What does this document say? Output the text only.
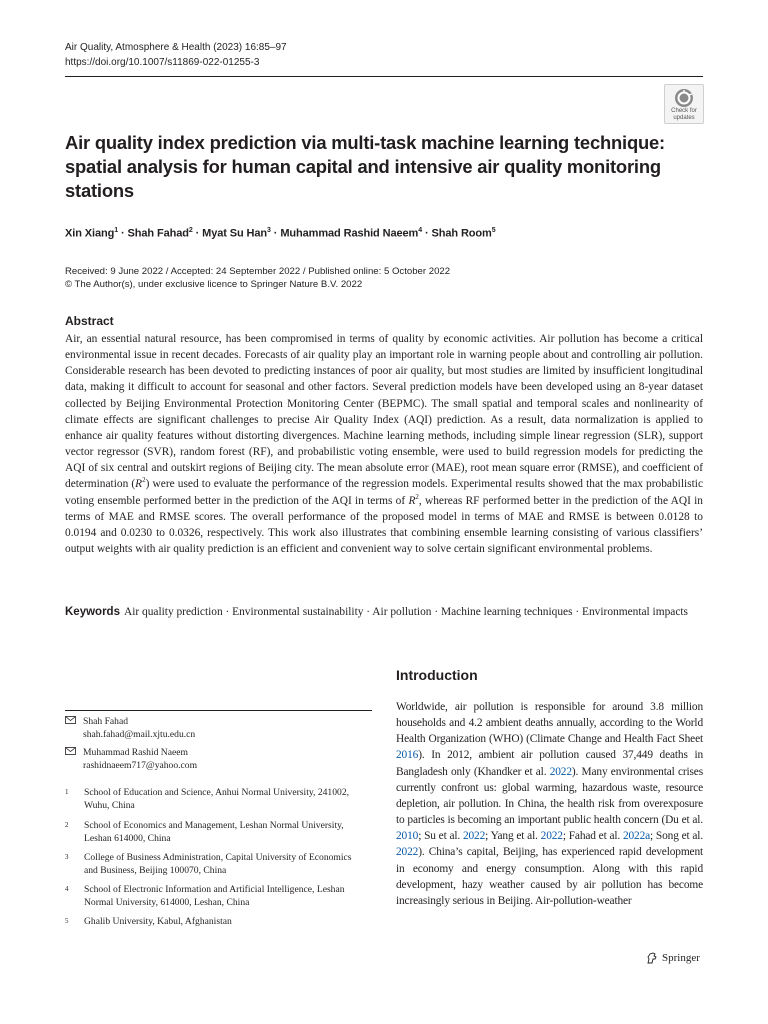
Air Quality, Atmosphere & Health (2023) 16:85–97
https://doi.org/10.1007/s11869-022-01255-3
Check for
updates
Air quality index prediction via multi-task machine learning technique: spatial analysis for human capital and intensive air quality monitoring stations
Xin Xiang$^1$ · Shah Fahad$^2$ · Myat Su Han$^3$ · Muhammad Rashid Naeem$^4$ · Shah Room$^5$
Received: 9 June 2022 / Accepted: 24 September 2022 / Published online: 5 October 2022
© The Author(s), under exclusive licence to Springer Nature B.V. 2022
Abstract

Air, an essential natural resource, has been compromised in terms of quality by economic activities. Air pollution has become a critical environmental issue in recent decades. Forecasts of air quality play an important role in warning people about and controlling air pollution. Considerable research has been devoted to predicting instances of poor air quality, but most studies are limited by insufficient longitudinal data, making it difficult to account for seasonal and other factors. Several prediction models have been developed using an 8-year dataset collected by Beijing Environmental Protection Monitoring Center (BEPMC). The small spatial and temporal scales and nonlinearity of climate effects are significant challenges to precise Air Quality Index (AQI) prediction. As a result, data normalization is applied to enhance air quality features without distorting divergences. Machine learning methods, including simple linear regression (SLR), support vector regressor (SVR), random forest (RF), and probabilistic voting ensemble, were used to build regression models for predicting the AQI of six central and outskirt regions of Beijing city. The mean absolute error (MAE), root mean square error (RMSE), and coefficient of determination $(R^2)$ were used to evaluate the performance of the regression models. Experimental results showed that the max probabilistic voting ensemble performed better in the prediction of the AQI in terms of $R^2$, whereas RF performed better in the prediction of the AQI in terms of MAE and RMSE scores. The overall performance of the proposed model in terms of MAE and RMSE is between 0.0128 to 0.0194 and 0.0230 to 0.0326, respectively. This work also illustrates that combining ensemble learning consisting of various classifiers’ output weights with air quality prediction is an efficient and convenient way to solve certain significant environmental problems.

Keywords Air quality prediction · Environmental sustainability · Air pollution · Machine learning techniques · Environmental impacts

Introduction

Worldwide, air pollution is responsible for around 3.8 million households and 4.2 ambient deaths annually, according to the World Health Organization (WHO) (Climate Change and Health Fact Sheet 2016). In 2012, ambient air pollution caused 37,449 deaths in Bangladesh only (Khandker et al. 2022). Many environmental crises currently confront us: global warming, hazardous waste, resource depletion, air pollution. In China, the health risk from overexposure to particles is becoming an important public health concern (Du et al. 2010; Su et al. 2022; Yang et al. 2022; Fahad et al. 2022a; Song et al. 2022). China’s capital, Beijing, has experienced rapid development in economy and energy consumption. Along with this rapid development, hazy weather caused by air pollution has become increasingly serious in Beijing. Air-pollution-weather

Shah Fahad
shah.fahad@mail.xjtu.edu.cn
Muhammad Rashid Naeem
rashidnaeem717@yahoo.com
1 School of Education and Science, Anhui Normal University, 241002, Wuhu, China
2 School of Economics and Management, Leshan Normal University, Leshan 614000, China
3 College of Business Administration, Capital University of Economics and Business, Beijing 100070, China
4 School of Electronic Information and Artificial Intelligence, Leshan Normal University, 614000, Leshan, China
5 Ghalib University, Kabul, Afghanistan
Springer
